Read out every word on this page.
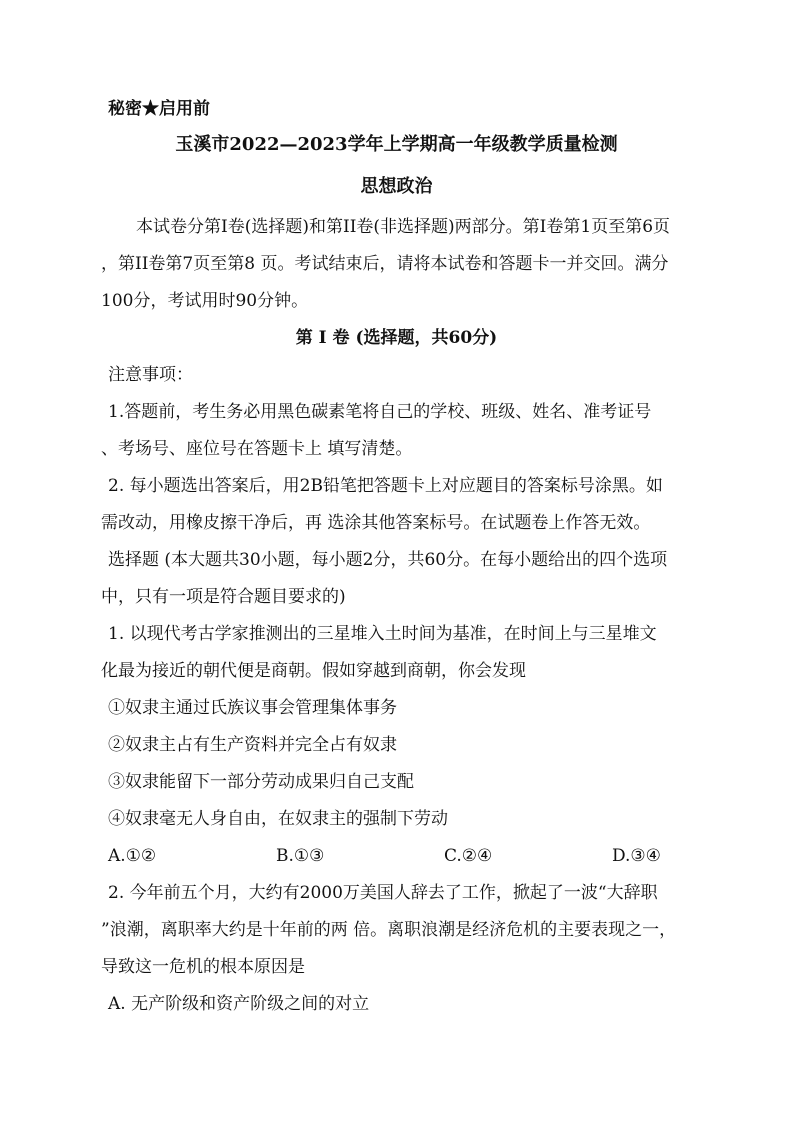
秘密★启用前
玉溪市2022—2023学年上学期高一年级教学质量检测
思想政治
本试卷分第I卷(选择题)和第II卷(非选择题)两部分。第I卷第1页至第6页
，第II卷第7页至第8 页。考试结束后，请将本试卷和答题卡一并交回。满分
100分，考试用时90分钟。
第 I 卷 (选择题，共60分)
注意事项：
1.答题前，考生务必用黑色碳素笔将自己的学校、班级、姓名、准考证号
、考场号、座位号在答题卡上 填写清楚。
2. 每小题选出答案后，用2B铅笔把答题卡上对应题目的答案标号涂黑。如
需改动，用橡皮擦干净后，再 选涂其他答案标号。在试题卷上作答无效。
选择题 (本大题共30小题，每小题2分，共60分。在每小题给出的四个选项
中，只有一项是符合题目要求的)
1. 以现代考古学家推测出的三星堆入土时间为基准，在时间上与三星堆文
化最为接近的朝代便是商朝。假如穿越到商朝，你会发现
①奴隶主通过氏族议事会管理集体事务
②奴隶主占有生产资料并完全占有奴隶
③奴隶能留下一部分劳动成果归自己支配
④奴隶毫无人身自由，在奴隶主的强制下劳动
A.①②	B.①③	C.②④	D.③④
2. 今年前五个月，大约有2000万美国人辞去了工作，掀起了一波“大辞职
”浪潮，离职率大约是十年前的两 倍。离职浪潮是经济危机的主要表现之一，
导致这一危机的根本原因是
A. 无产阶级和资产阶级之间的对立
